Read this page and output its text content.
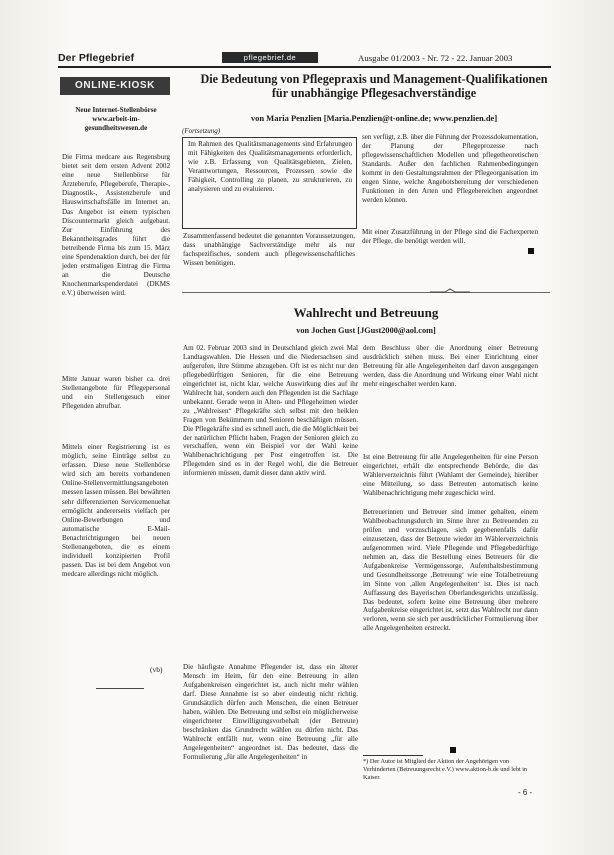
Der Pflegebrief	pflegebrief.de	Ausgabe 01/2003 - Nr. 72 - 22. Januar 2003
ONLINE-KIOSK
Neue Internet-Stellenbörse www.arbeit-im-gesundheitswesen.de
Die Firma medcare aus Regensburg bietet seit dem ersten Advent 2002 eine neue Stellenbörse für Ärzteberufe, Pflegeberufe, Therapie-, Diagnostik-, Assistenzberufe und Hauswirtschaftsfälle im Internet an. Das Angebot ist einem typischen Discountermarkt gleich aufgebaut. Zur Einführung des Bekanntheitsgrades führt die betreibende Firma bis zum 15. März eine Spendenaktion durch, bei der für jeden erstmaligen Eintrag die Firma an die Deutsche Knochenmarkspenderdatei (DKMS e.V.) überweisen wird.
Mitte Januar waren bisher ca. drei Stellenangebote für Pflegepersonal und ein Stellengesuch einer Pflegenden abrufbar.
Mittels einer Registrierung ist es möglich, seine Einträge selbst zu erfassen. Diese neue Stellenbörse wird sich am bereits vorhandenen Online-Stellenvermittlungsangeboten messen lassen müssen. Bei bewährten sehr differenzierten Servicemenuehat ermöglicht andererseits vielfach per Online-Bewerbungen und automatische E-Mail-Benachrichtigungen bei neuen Stellenangeboten, die es einem individuell konzipierten Profil passen. Das ist bei dem Angebot von medcare allerdings nicht möglich.
(vb)
Die Bedeutung von Pflegepraxis und Management-Qualifikationen für unabhängige Pflegesachverständige
von Maria Penzlien [Maria.Penzlien@t-online.de; www.penzlien.de]
(Fortsetzung)
Im Rahmen des Qualitätsmanagements sind Erfahrungen mit Fähigkeiten des Qualitätsmanagements erforderlich, wie z.B. Erfassung von Qualitätsgebieten, Zielen, Verantwortungen, Ressourcen, Prozessen sowie die Fähigkeit, Controlling zu planen, zu strukturieren, zu analysieren und zu evaluieren.
Zusammenfassend bedeutet die genannten Voraussetzungen, dass unabhängige Sachverständige mehr als nur fachspezifisches, sondern auch pflegewissenschaftliches Wissen benötigen.
sen verfügt, z.B. über die Führung der Prozessdokumentation, der Planung der Pflegeprozesse nach pflegewissenschaftlichen Modellen und pflegetheoretischen Standards. Außer den fachlichen Rahmenbedingungen kommt in den Gestaltungsrahmen der Pflegeorganisation im engen Sinne, welche Angebotsbereitung der verschiedenen Funktionen in den Arten und Pflegebereichen angeordnet werden können.
Mit einer Zusatzführung in der Pflege sind die Fachexperten der Pflege, die benötigt werden will.
Wahlrecht und Betreuung
von Jochen Gust [JGust2000@aol.com]
Am 02. Februar 2003 sind in Deutschland gleich zwei Mal Landtagswahlen. Die Hessen und die Niedersachsen sind aufgerufen, ihre Stimme abzugeben. Oft ist es nicht nur den pflegebedürftigen Senioren, für die eine Betreuung eingerichtet ist, nicht klar, welche Auswirkung dies auf ihr Wahlrecht hat, sondern auch den Pflegenden ist die Sachlage unbekannt. Gerade wenn in Alten- und Pflegeheimen wieder zu „Wahlreisen“ Pflegekräfte sich selbst mit den heiklen Fragen von Bekümmern und Senioren beschäftigen müssen. Die Pflegekräfte sind es schnell auch, die die Möglichkeit bei der natürlichen Pflicht haben, Fragen der Senioren gleich zu verschaffen, wenn ein Beispiel vor der Wahl keine Wahlbenachrichtigung per Post eingetroffen ist. Die Pflegenden sind es in der Regel wohl, die die Betreuer informieren müssen, damit dieser dann aktiv wird.
Die häufigste Annahme Pflegender ist, dass ein älterer Mensch im Heim, für den eine Betreuung in allen Aufgabenkreisen eingerichtet ist, auch nicht mehr wählen darf. Diese Annahme ist so aber eindeutig nicht richtig. Grundsätzlich dürfen auch Menschen, die einen Betreuer haben, wählen. Die Betreuung und selbst ein möglicherweise eingerichteter Einwilligungsvorbehalt (der Betreute) beschränken das Grundrecht wählen zu dürfen nicht. Das Wahlrecht entfällt nur, wenn eine Betreuung „für alle Angelegenheiten“ angeordnet ist. Das bedeutet, dass die Formulierung „für alle Angelegenheiten“ in
dem Beschluss über die Anordnung einer Betreuung ausdrücklich stehen muss. Bei einer Einrichtung einer Betreuung für alle Angelegenheiten darf davon ausgegangen werden, dass die Anordnung und Wirkung einer Wahl nicht mehr eingeschaltet werden kann.
Ist eine Betreuung für alle Angelegenheiten für eine Person eingerichtet, erhält die entsprechende Behörde, die das Wählerverzeichnis führt (Wahlamt der Gemeinde), hierüber eine Mitteilung, so dass Betreuten automatisch keine Wahlbenachrichtigung mehr zugeschickt wird.
Betreuerinnen und Betreuer sind immer gehalten, einem Wahlbeobachtungsdurch im Sinne ihrer zu Betreuenden zu prüfen und vorzuschlagen, sich gegebenenfalls dafür einzusetzen, dass der Betreute wieder im Wählerverzeichnis aufgenommen wird. Viele Pflegende und Pflegebedürftige nehmen an, dass die Bestellung eines Betreuers für die Aufgabenkreise Vermögenssorge, Aufenthaltsbestimmung und Gesundheitssorge ‚Betreuung‘ wie eine Totalbetreuung im Sinne von ‚allen Angelegenheiten‘ ist. Dies ist nach Auffassung des Bayerischen Oberlandesgerichts unzulässig. Das bedeutet, sofern keine eine Betreuung über mehrere Aufgabenkreise eingerichtet ist, setzt das Wahlrecht nur dann verloren, wenn sie sich per ausdrücklicher Formulierung über alle Angelegenheiten erstreckt.
*) Der Autor ist Mitglied der Aktion der Angehörigen von Verhinderten (Betreuungsrecht e.V.) www.aktion-b.de und lebt in Kaiser.
- 6 -
